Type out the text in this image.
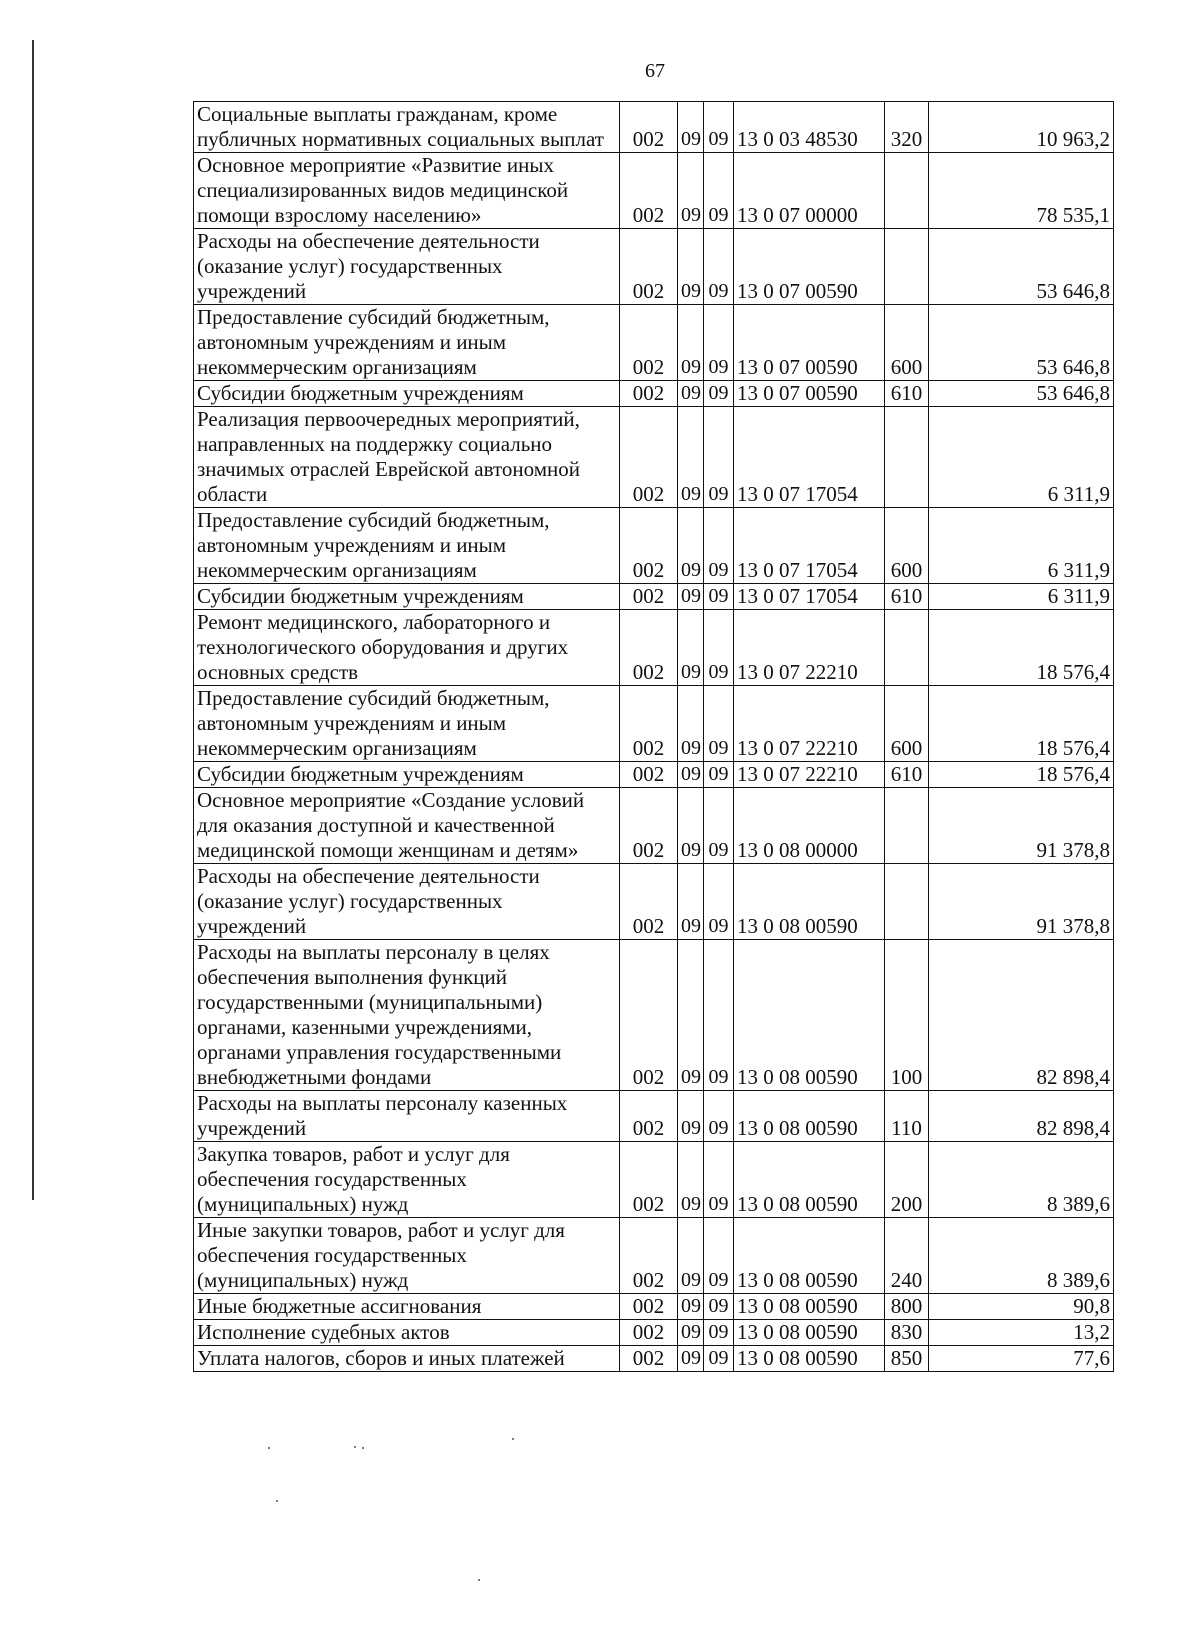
67
Социальные выплаты гражданам, кроме публичных нормативных социальных выплат	002	09	09	13 0 03 48530	320	10 963,2
Основное мероприятие «Развитие иных специализированных видов медицинской помощи взрослому населению»	002	09	09	13 0 07 00000		78 535,1
Расходы на обеспечение деятельности (оказание услуг) государственных учреждений	002	09	09	13 0 07 00590		53 646,8
Предоставление субсидий бюджетным, автономным учреждениям и иным некоммерческим организациям	002	09	09	13 0 07 00590	600	53 646,8
Субсидии бюджетным учреждениям	002	09	09	13 0 07 00590	610	53 646,8
Реализация первоочередных мероприятий, направленных на поддержку социально значимых отраслей Еврейской автономной области	002	09	09	13 0 07 17054		6 311,9
Предоставление субсидий бюджетным, автономным учреждениям и иным некоммерческим организациям	002	09	09	13 0 07 17054	600	6 311,9
Субсидии бюджетным учреждениям	002	09	09	13 0 07 17054	610	6 311,9
Ремонт медицинского, лабораторного и технологического оборудования и других основных средств	002	09	09	13 0 07 22210		18 576,4
Предоставление субсидий бюджетным, автономным учреждениям и иным некоммерческим организациям	002	09	09	13 0 07 22210	600	18 576,4
Субсидии бюджетным учреждениям	002	09	09	13 0 07 22210	610	18 576,4
Основное мероприятие «Создание условий для оказания доступной и качественной медицинской помощи женщинам и детям»	002	09	09	13 0 08 00000		91 378,8
Расходы на обеспечение деятельности (оказание услуг) государственных учреждений	002	09	09	13 0 08 00590		91 378,8
Расходы на выплаты персоналу в целях обеспечения выполнения функций государственными (муниципальными) органами, казенными учреждениями, органами управления государственными внебюджетными фондами	002	09	09	13 0 08 00590	100	82 898,4
Расходы на выплаты персоналу казенных учреждений	002	09	09	13 0 08 00590	110	82 898,4
Закупка товаров, работ и услуг для обеспечения государственных (муниципальных) нужд	002	09	09	13 0 08 00590	200	8 389,6
Иные закупки товаров, работ и услуг для обеспечения государственных (муниципальных) нужд	002	09	09	13 0 08 00590	240	8 389,6
Иные бюджетные ассигнования	002	09	09	13 0 08 00590	800	90,8
Исполнение судебных актов	002	09	09	13 0 08 00590	830	13,2
Уплата налогов, сборов и иных платежей	002	09	09	13 0 08 00590	850	77,6
